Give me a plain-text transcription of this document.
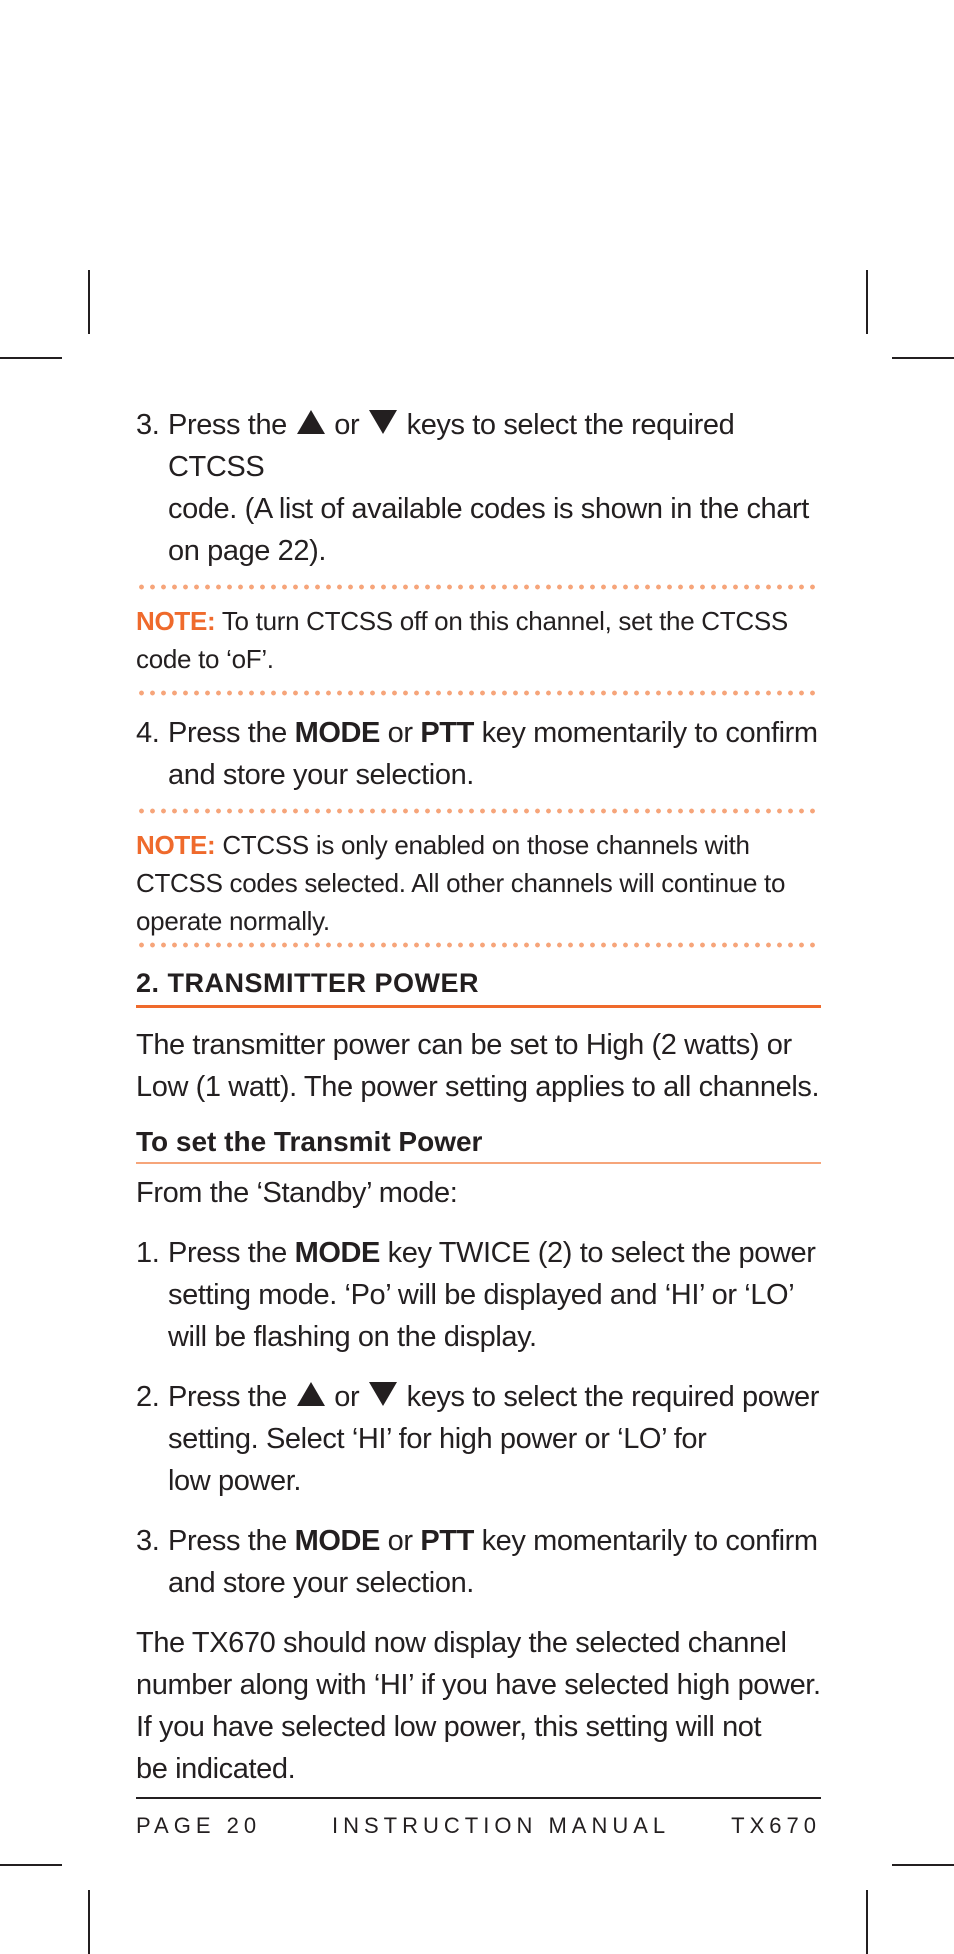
3. Press the or keys to select the required CTCSS

code. (A list of available codes is shown in the chart

on page 22).

NOTE: To turn CTCSS off on this channel, set the CTCSS
code to ‘oF’.
4. Press the MODE or PTT key momentarily to confirm

and store your selection.

NOTE: CTCSS is only enabled on those channels with
CTCSS codes selected. All other channels will continue to
operate normally.
2. TRANSMITTER POWER
The transmitter power can be set to High (2 watts) or
Low (1 watt). The power setting applies to all channels.
To set the Transmit Power
From the ‘Standby’ mode:
1. Press the MODE key TWICE (2) to select the power

setting mode. ‘Po’ will be displayed and ‘HI’ or ‘LO’

will be flashing on the display.

2. Press the or keys to select the required power

setting. Select ‘HI’ for high power or ‘LO’ for

low power.

3. Press the MODE or PTT key momentarily to confirm

and store your selection.

The TX670 should now display the selected channel
number along with ‘HI’ if you have selected high power.
If you have selected low power, this setting will not
be indicated.
PAGE 20	INSTRUCTION MANUAL	TX670
